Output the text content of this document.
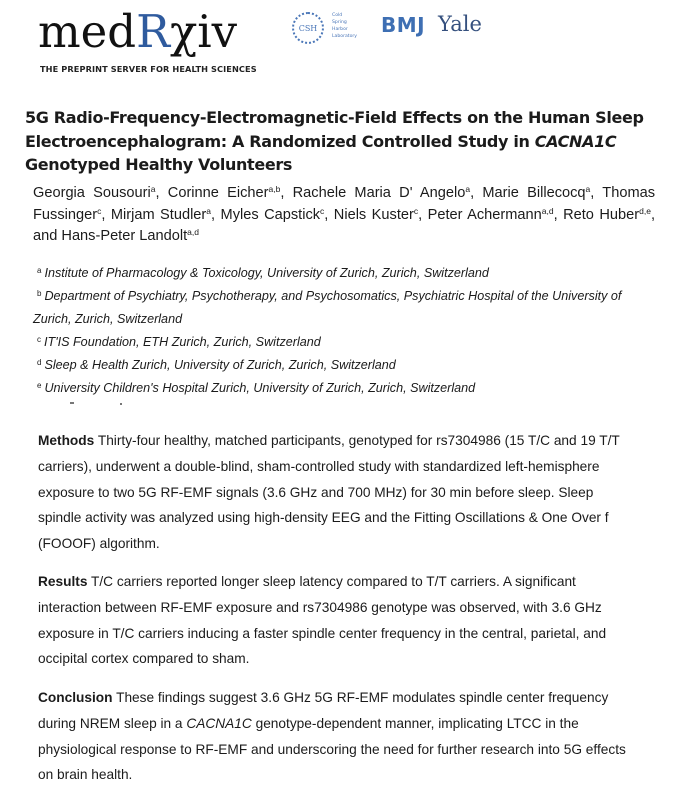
medRχiv
THE PREPRINT SERVER FOR HEALTH SCIENCES
CSH
Cold
Spring
Harbor
Laboratory BMJ Yale
5G Radio-Frequency-Electromagnetic-Field Effects on the Human Sleep Electroencephalogram: A Randomized Controlled Study in CACNA1C Genotyped Healthy Volunteers
Georgia Sousouri$^a$, Corinne Eicher$^{a,b}$, Rachele Maria D' Angelo$^a$, Marie Billecocq$^a$, Thomas Fussinger$^c$, Mirjam Studler$^a$, Myles Capstick$^c$, Niels Kuster$^c$, Peter Achermann$^{a,d}$, Reto Huber$^{d,e}$, and Hans-Peter Landolt$^{a,d}$
$^a$ Institute of Pharmacology & Toxicology, University of Zurich, Zurich, Switzerland
$^b$ Department of Psychiatry, Psychotherapy, and Psychosomatics, Psychiatric Hospital of the University of Zurich, Zurich, Switzerland
$^c$ IT'IS Foundation, ETH Zurich, Zurich, Switzerland
$^d$ Sleep & Health Zurich, University of Zurich, Zurich, Switzerland
$^e$ University Children's Hospital Zurich, University of Zurich, Zurich, Switzerland
Methods Thirty-four healthy, matched participants, genotyped for rs7304986 (15 T/C and 19 T/T carriers), underwent a double-blind, sham-controlled study with standardized left-hemisphere exposure to two 5G RF-EMF signals (3.6 GHz and 700 MHz) for 30 min before sleep. Sleep spindle activity was analyzed using high-density EEG and the Fitting Oscillations & One Over f (FOOOF) algorithm.
Results T/C carriers reported longer sleep latency compared to T/T carriers. A significant interaction between RF-EMF exposure and rs7304986 genotype was observed, with 3.6 GHz exposure in T/C carriers inducing a faster spindle center frequency in the central, parietal, and occipital cortex compared to sham.
Conclusion These findings suggest 3.6 GHz 5G RF-EMF modulates spindle center frequency during NREM sleep in a CACNA1C genotype-dependent manner, implicating LTCC in the physiological response to RF-EMF and underscoring the need for further research into 5G effects on brain health.
